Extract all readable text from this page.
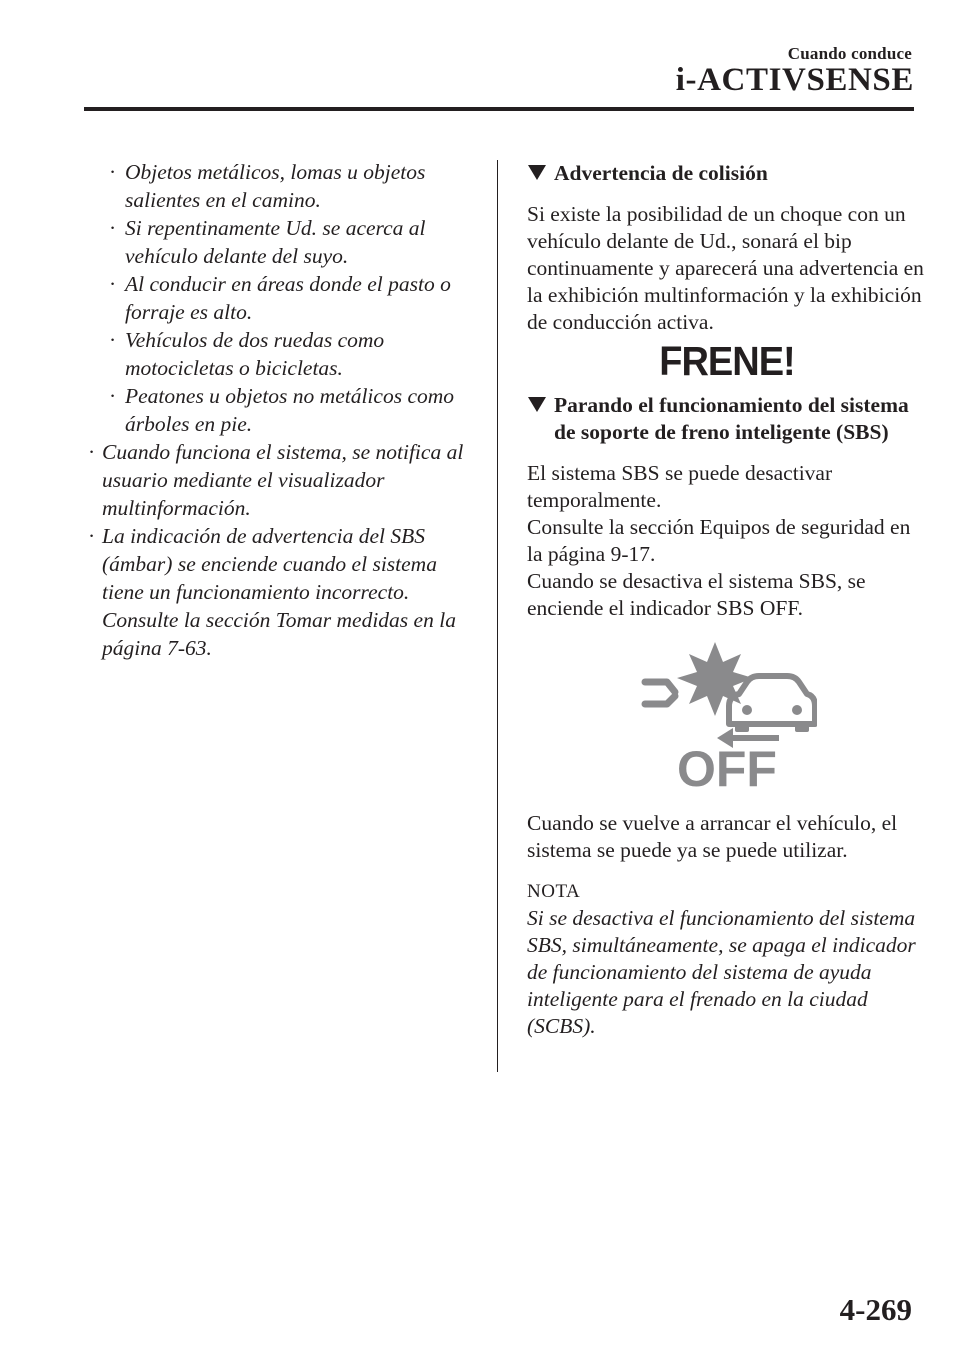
Cuando conduce
i-ACTIVSENSE
· Objetos metálicos, lomas u objetos salientes en el camino.
· Si repentinamente Ud. se acerca al vehículo delante del suyo.
· Al conducir en áreas donde el pasto o forraje es alto.
· Vehículos de dos ruedas como motocicletas o bicicletas.
· Peatones u objetos no metálicos como árboles en pie.
· Cuando funciona el sistema, se notifica al usuario mediante el visualizador multinformación.
· La indicación de advertencia del SBS (ámbar) se enciende cuando el sistema tiene un funcionamiento incorrecto. Consulte la sección Tomar medidas en la página 7-63.
Advertencia de colisión

Si existe la posibilidad de un choque con un vehículo delante de Ud., sonará el bip continuamente y aparecerá una advertencia en la exhibición multinformación y la exhibición de conducción activa.

FRENE!
Parando el funcionamiento del sistema de soporte de freno inteligente (SBS)

El sistema SBS se puede desactivar temporalmente.

Consulte la sección Equipos de seguridad en la página 9-17.

Cuando se desactiva el sistema SBS, se enciende el indicador SBS OFF.

OFF

Cuando se vuelve a arrancar el vehículo, el sistema se puede ya se puede utilizar.

NOTA

Si se desactiva el funcionamiento del sistema SBS, simultáneamente, se apaga el indicador de funcionamiento del sistema de ayuda inteligente para el frenado en la ciudad (SCBS).

4-269
